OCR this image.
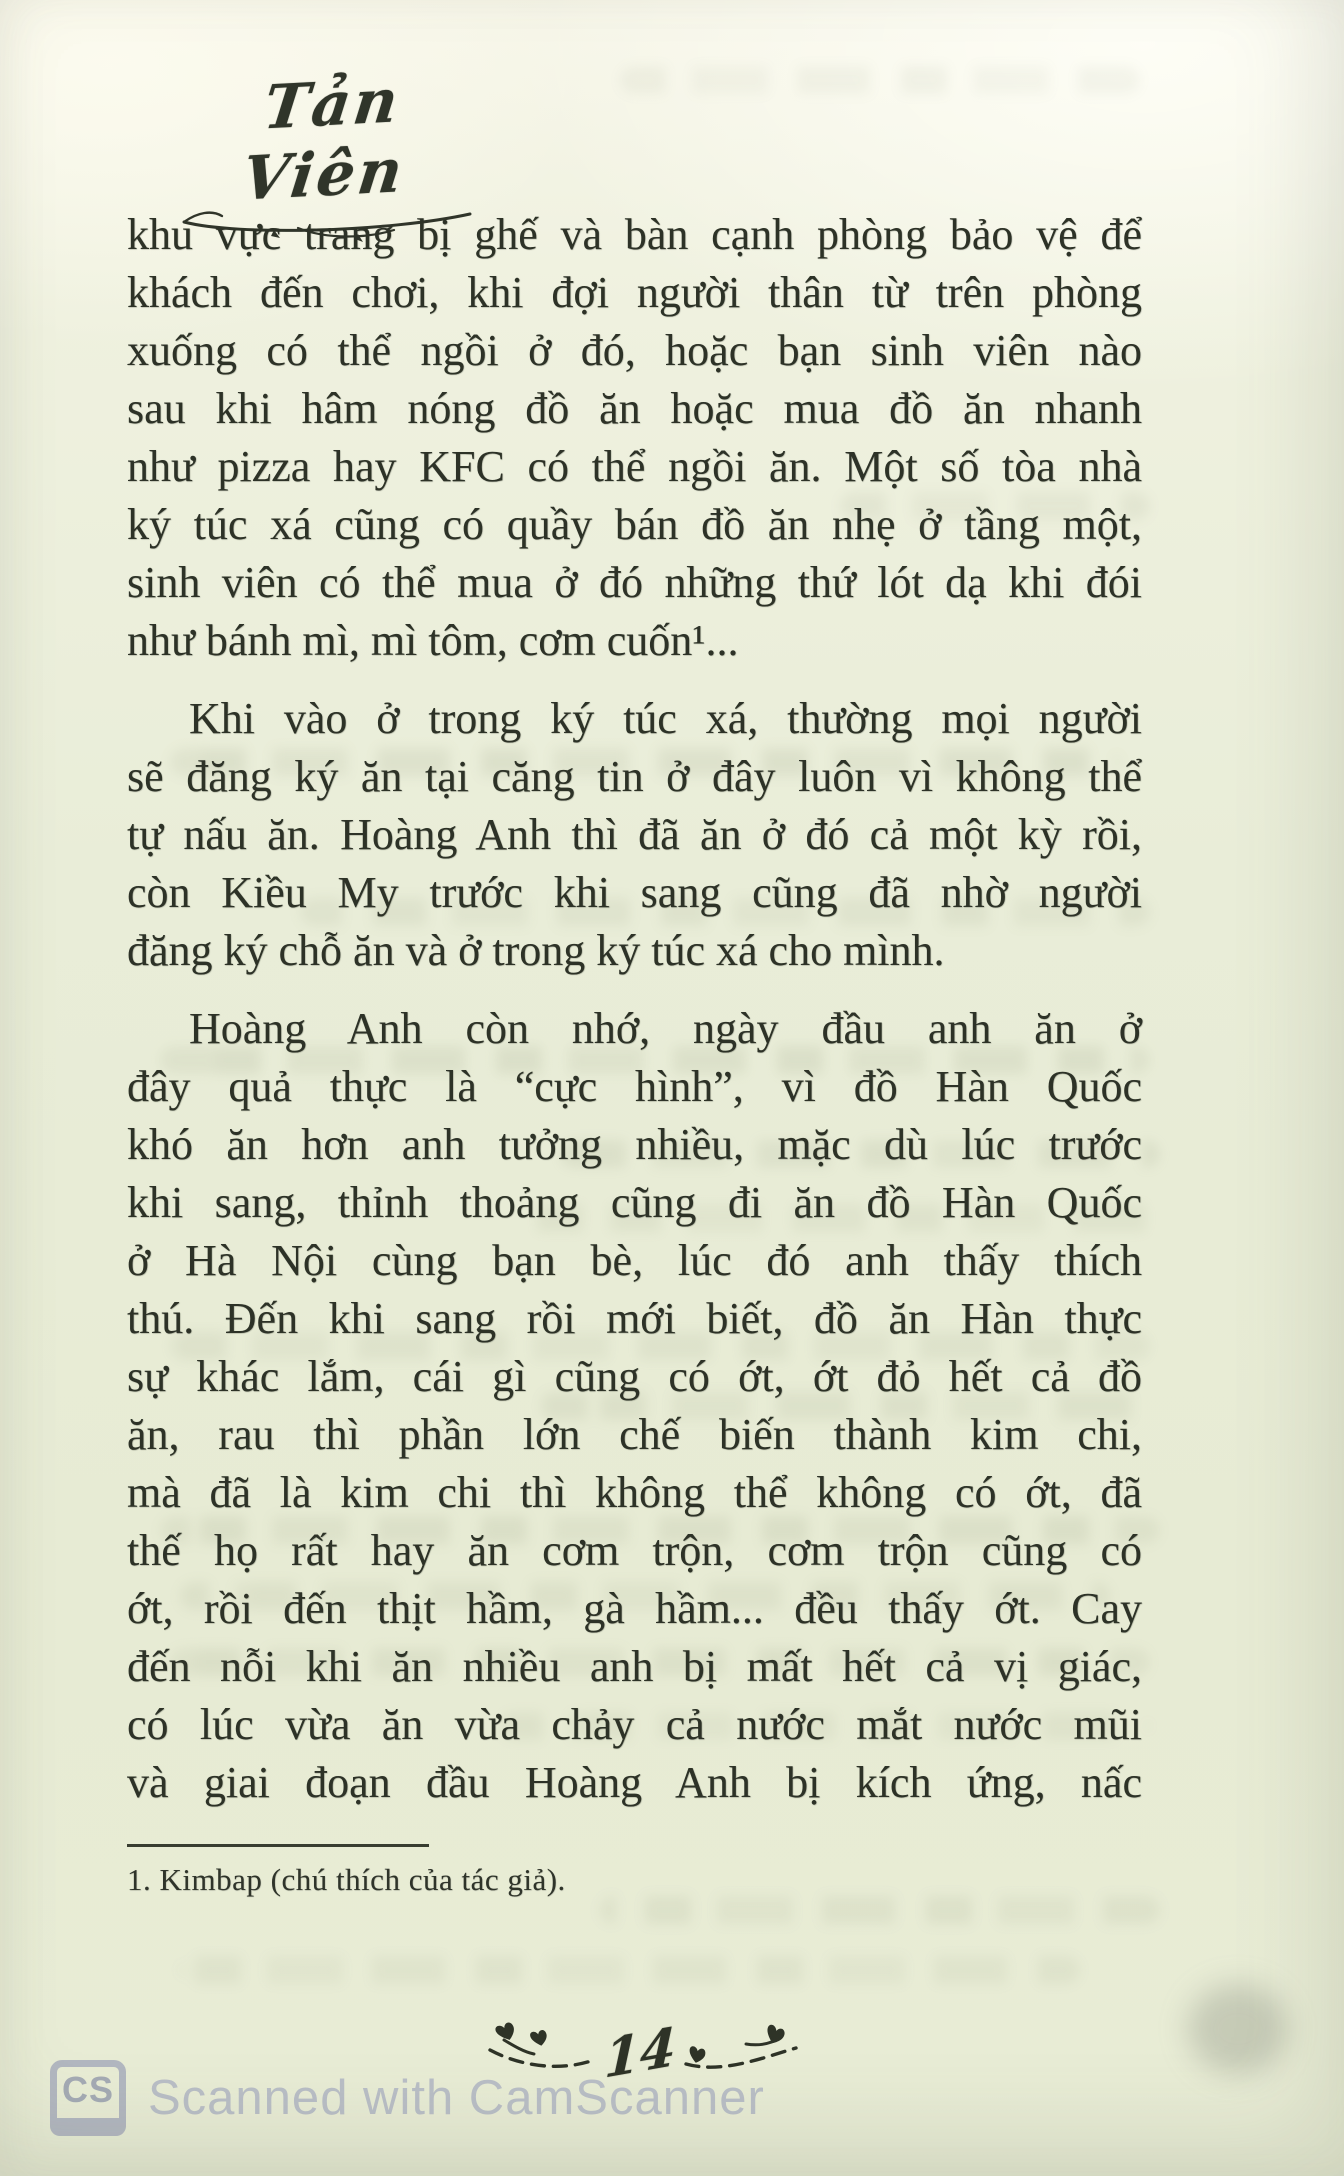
Tản Viên
khu vực trang bị ghế và bàn cạnh phòng bảo vệ để
khách đến chơi, khi đợi người thân từ trên phòng
xuống có thể ngồi ở đó, hoặc bạn sinh viên nào
sau khi hâm nóng đồ ăn hoặc mua đồ ăn nhanh
như pizza hay KFC có thể ngồi ăn. Một số tòa nhà
ký túc xá cũng có quầy bán đồ ăn nhẹ ở tầng một,
sinh viên có thể mua ở đó những thứ lót dạ khi đói
như bánh mì, mì tôm, cơm cuốn¹...
Khi vào ở trong ký túc xá, thường mọi người
sẽ đăng ký ăn tại căng tin ở đây luôn vì không thể
tự nấu ăn. Hoàng Anh thì đã ăn ở đó cả một kỳ rồi,
còn Kiều My trước khi sang cũng đã nhờ người
đăng ký chỗ ăn và ở trong ký túc xá cho mình.
Hoàng Anh còn nhớ, ngày đầu anh ăn ở
đây quả thực là “cực hình”, vì đồ Hàn Quốc
khó ăn hơn anh tưởng nhiều, mặc dù lúc trước
khi sang, thỉnh thoảng cũng đi ăn đồ Hàn Quốc
ở Hà Nội cùng bạn bè, lúc đó anh thấy thích
thú. Đến khi sang rồi mới biết, đồ ăn Hàn thực
sự khác lắm, cái gì cũng có ớt, ớt đỏ hết cả đồ
ăn, rau thì phần lớn chế biến thành kim chi,
mà đã là kim chi thì không thể không có ớt, đã
thế họ rất hay ăn cơm trộn, cơm trộn cũng có
ớt, rồi đến thịt hầm, gà hầm... đều thấy ớt. Cay
đến nỗi khi ăn nhiều anh bị mất hết cả vị giác,
có lúc vừa ăn vừa chảy cả nước mắt nước mũi
và giai đoạn đầu Hoàng Anh bị kích ứng, nấc
1. Kimbap (chú thích của tác giả).
14
CS Scanned with CamScanner
